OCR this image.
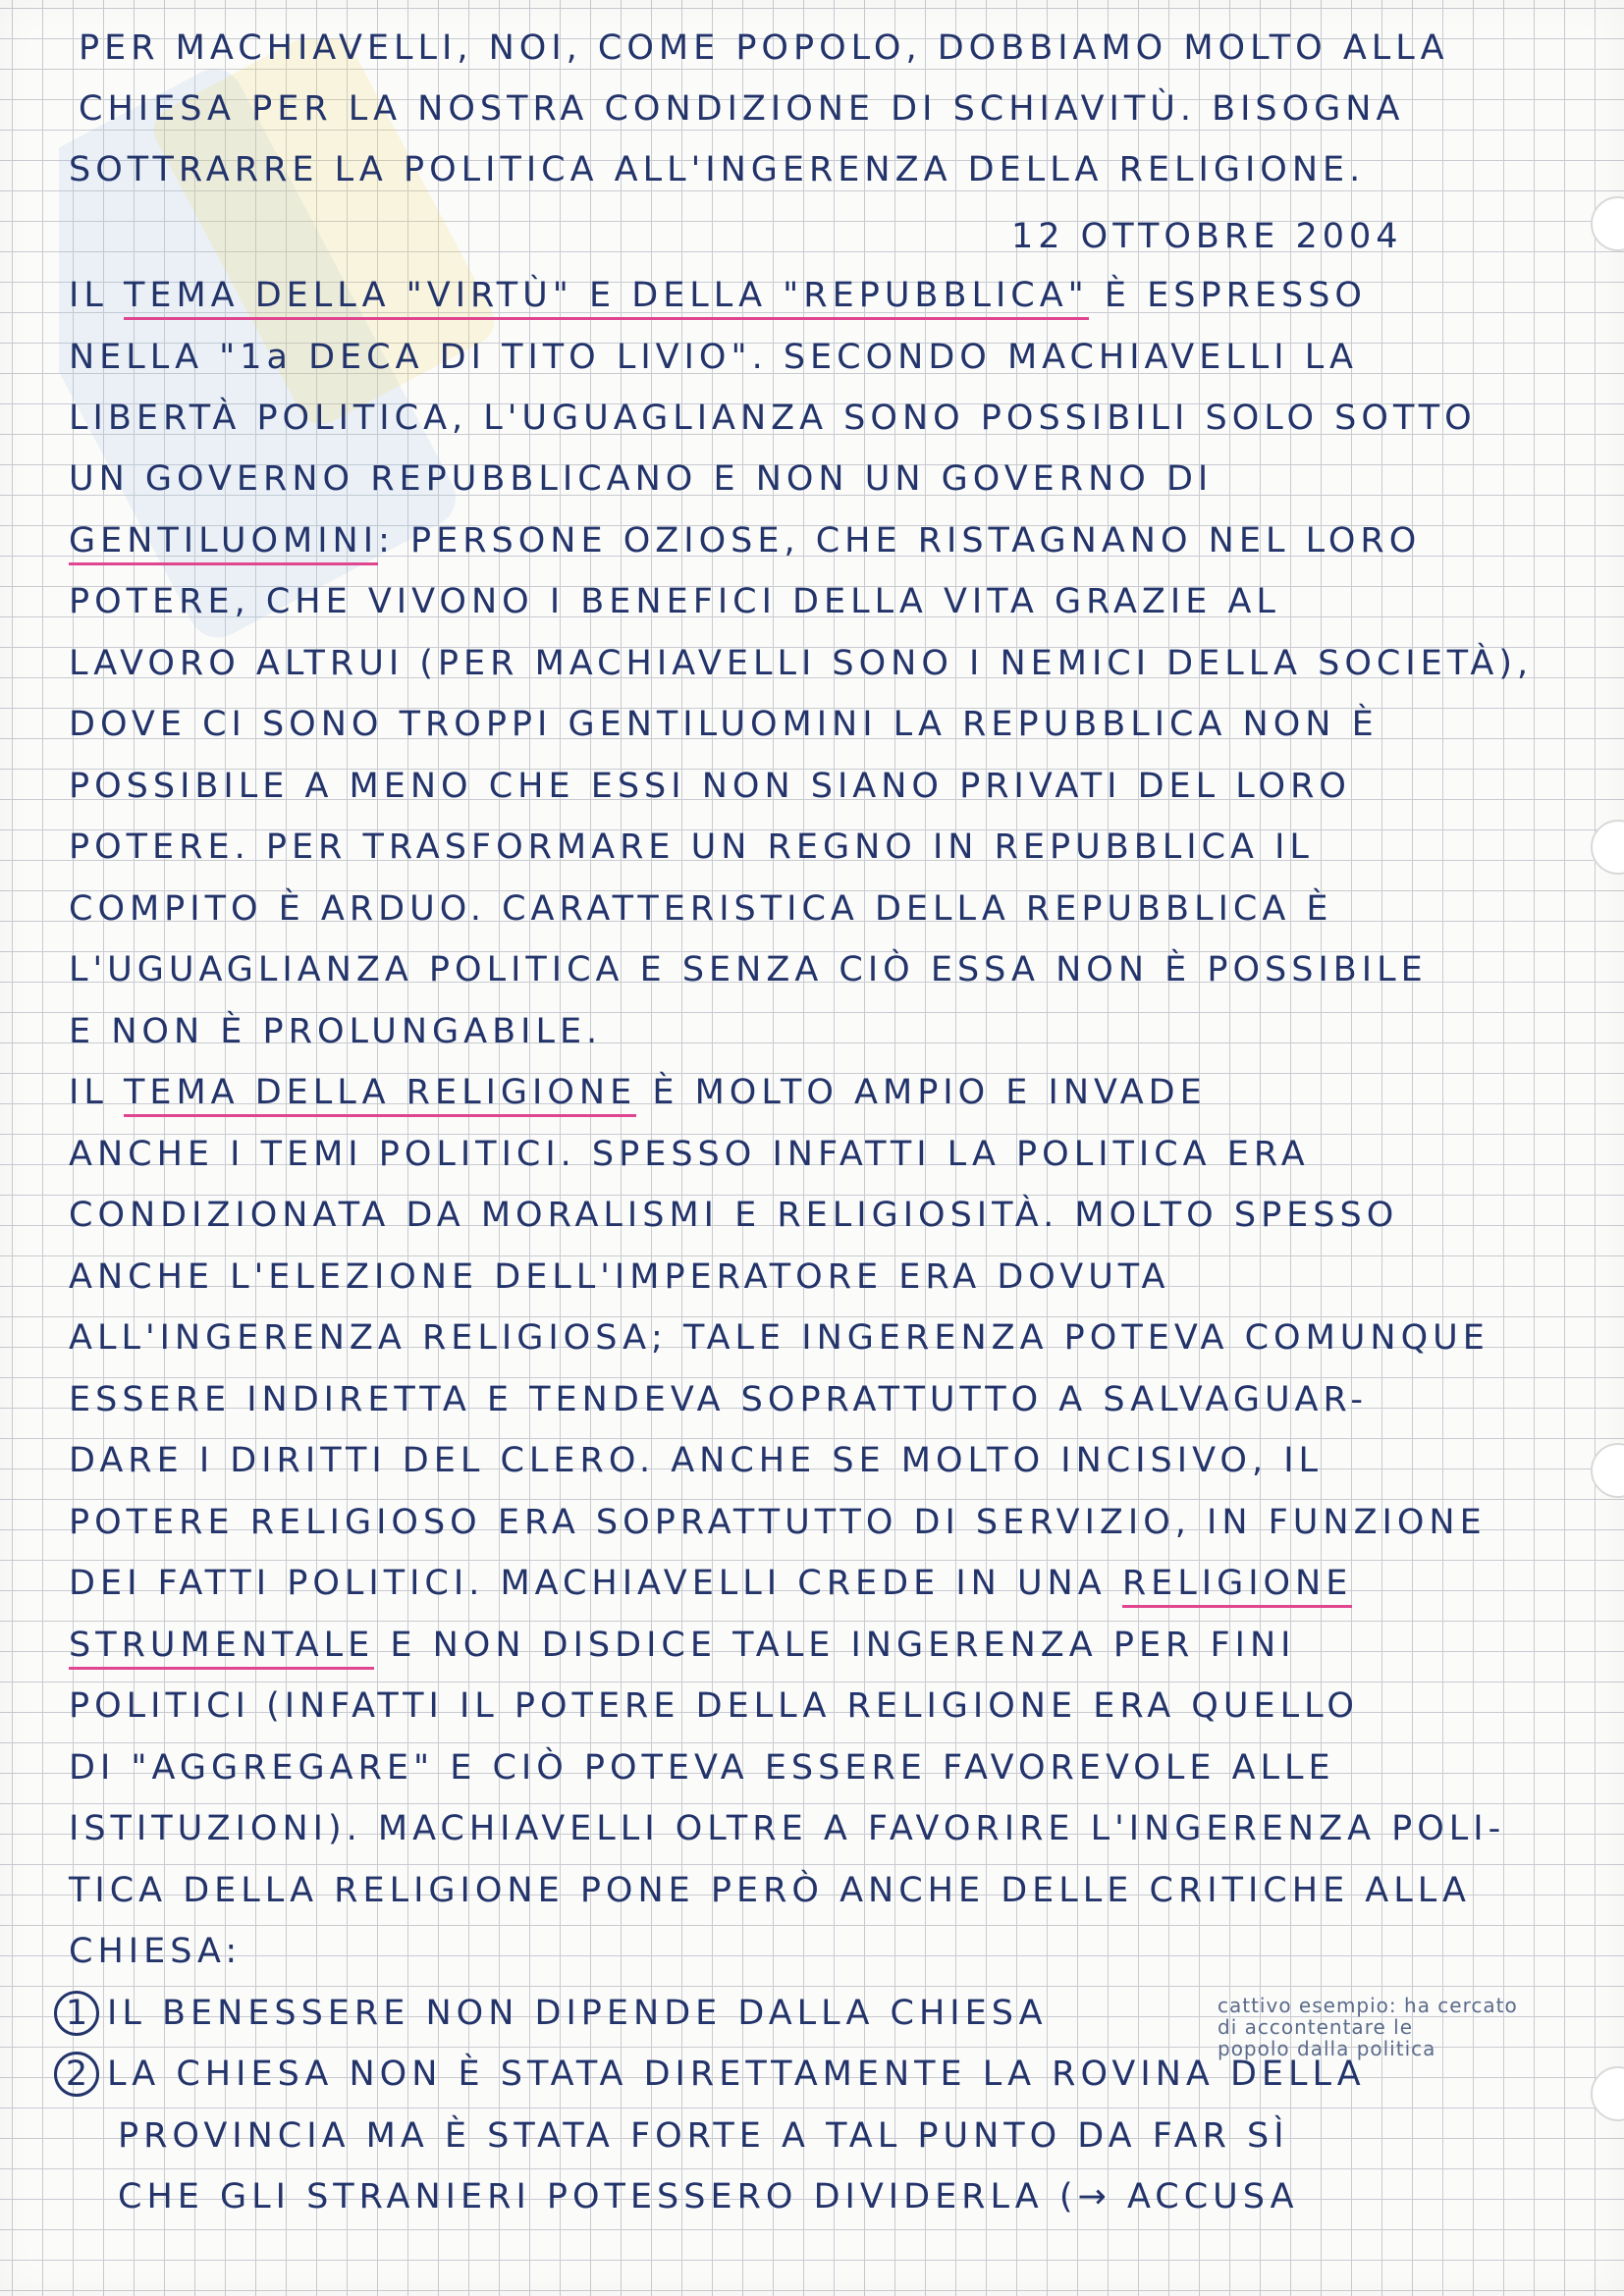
PER MACHIAVELLI, NOI, COME POPOLO, DOBBIAMO MOLTO ALLA
CHIESA PER LA NOSTRA CONDIZIONE DI SCHIAVITÙ. BISOGNA
SOTTRARRE LA POLITICA ALL'INGERENZA DELLA RELIGIONE.
12 OTTOBRE 2004
IL TEMA DELLA "VIRTÙ" E DELLA "REPUBBLICA" È ESPRESSO
NELLA "1a DECA DI TITO LIVIO". SECONDO MACHIAVELLI LA
LIBERTÀ POLITICA, L'UGUAGLIANZA SONO POSSIBILI SOLO SOTTO
UN GOVERNO REPUBBLICANO E NON UN GOVERNO DI
GENTILUOMINI: PERSONE OZIOSE, CHE RISTAGNANO NEL LORO
POTERE, CHE VIVONO I BENEFICI DELLA VITA GRAZIE AL
LAVORO ALTRUI (PER MACHIAVELLI SONO I NEMICI DELLA SOCIETÀ),
DOVE CI SONO TROPPI GENTILUOMINI LA REPUBBLICA NON È
POSSIBILE A MENO CHE ESSI NON SIANO PRIVATI DEL LORO
POTERE. PER TRASFORMARE UN REGNO IN REPUBBLICA IL
COMPITO È ARDUO. CARATTERISTICA DELLA REPUBBLICA È
L'UGUAGLIANZA POLITICA E SENZA CIÒ ESSA NON È POSSIBILE
E NON È PROLUNGABILE.
IL TEMA DELLA RELIGIONE È MOLTO AMPIO E INVADE
ANCHE I TEMI POLITICI. SPESSO INFATTI LA POLITICA ERA
CONDIZIONATA DA MORALISMI E RELIGIOSITÀ. MOLTO SPESSO
ANCHE L'ELEZIONE DELL'IMPERATORE ERA DOVUTA
ALL'INGERENZA RELIGIOSA; TALE INGERENZA POTEVA COMUNQUE
ESSERE INDIRETTA E TENDEVA SOPRATTUTTO A SALVAGUAR-
DARE I DIRITTI DEL CLERO. ANCHE SE MOLTO INCISIVO, IL
POTERE RELIGIOSO ERA SOPRATTUTTO DI SERVIZIO, IN FUNZIONE
DEI FATTI POLITICI. MACHIAVELLI CREDE IN UNA RELIGIONE
STRUMENTALE E NON DISDICE TALE INGERENZA PER FINI
POLITICI (INFATTI IL POTERE DELLA RELIGIONE ERA QUELLO
DI "AGGREGARE" E CIÒ POTEVA ESSERE FAVOREVOLE ALLE
ISTITUZIONI). MACHIAVELLI OLTRE A FAVORIRE L'INGERENZA POLI-
TICA DELLA RELIGIONE PONE PERÒ ANCHE DELLE CRITICHE ALLA
CHIESA:
1 IL BENESSERE NON DIPENDE DALLA CHIESA
2 LA CHIESA NON È STATA DIRETTAMENTE LA ROVINA DELLA
PROVINCIA MA È STATA FORTE A TAL PUNTO DA FAR SÌ
CHE GLI STRANIERI POTESSERO DIVIDERLA (→ ACCUSA
cattivo esempio: ha cercato
di accontentare le
popolo dalla politica
